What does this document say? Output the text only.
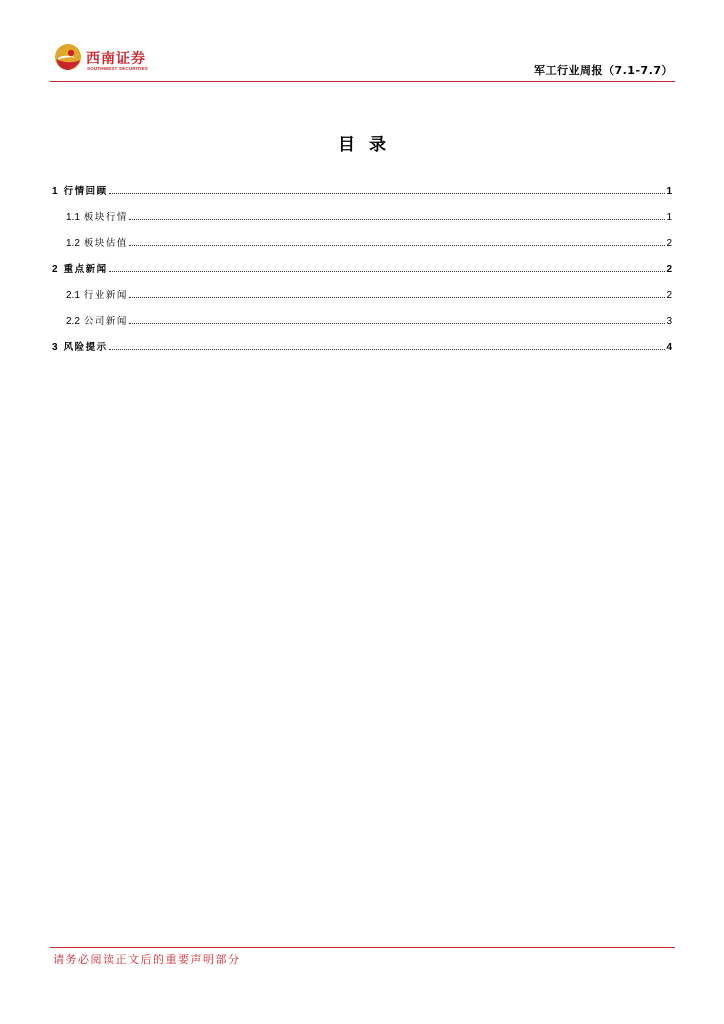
西南证券
SOUTHWEST SECURITIES	军工行业周报（7.1-7.7）
目录
1 行情回顾	1
1.1 板块行情	1
1.2 板块估值	2
2 重点新闻	2
2.1 行业新闻	2
2.2 公司新闻	3
3 风险提示	4
请务必阅读正文后的重要声明部分
